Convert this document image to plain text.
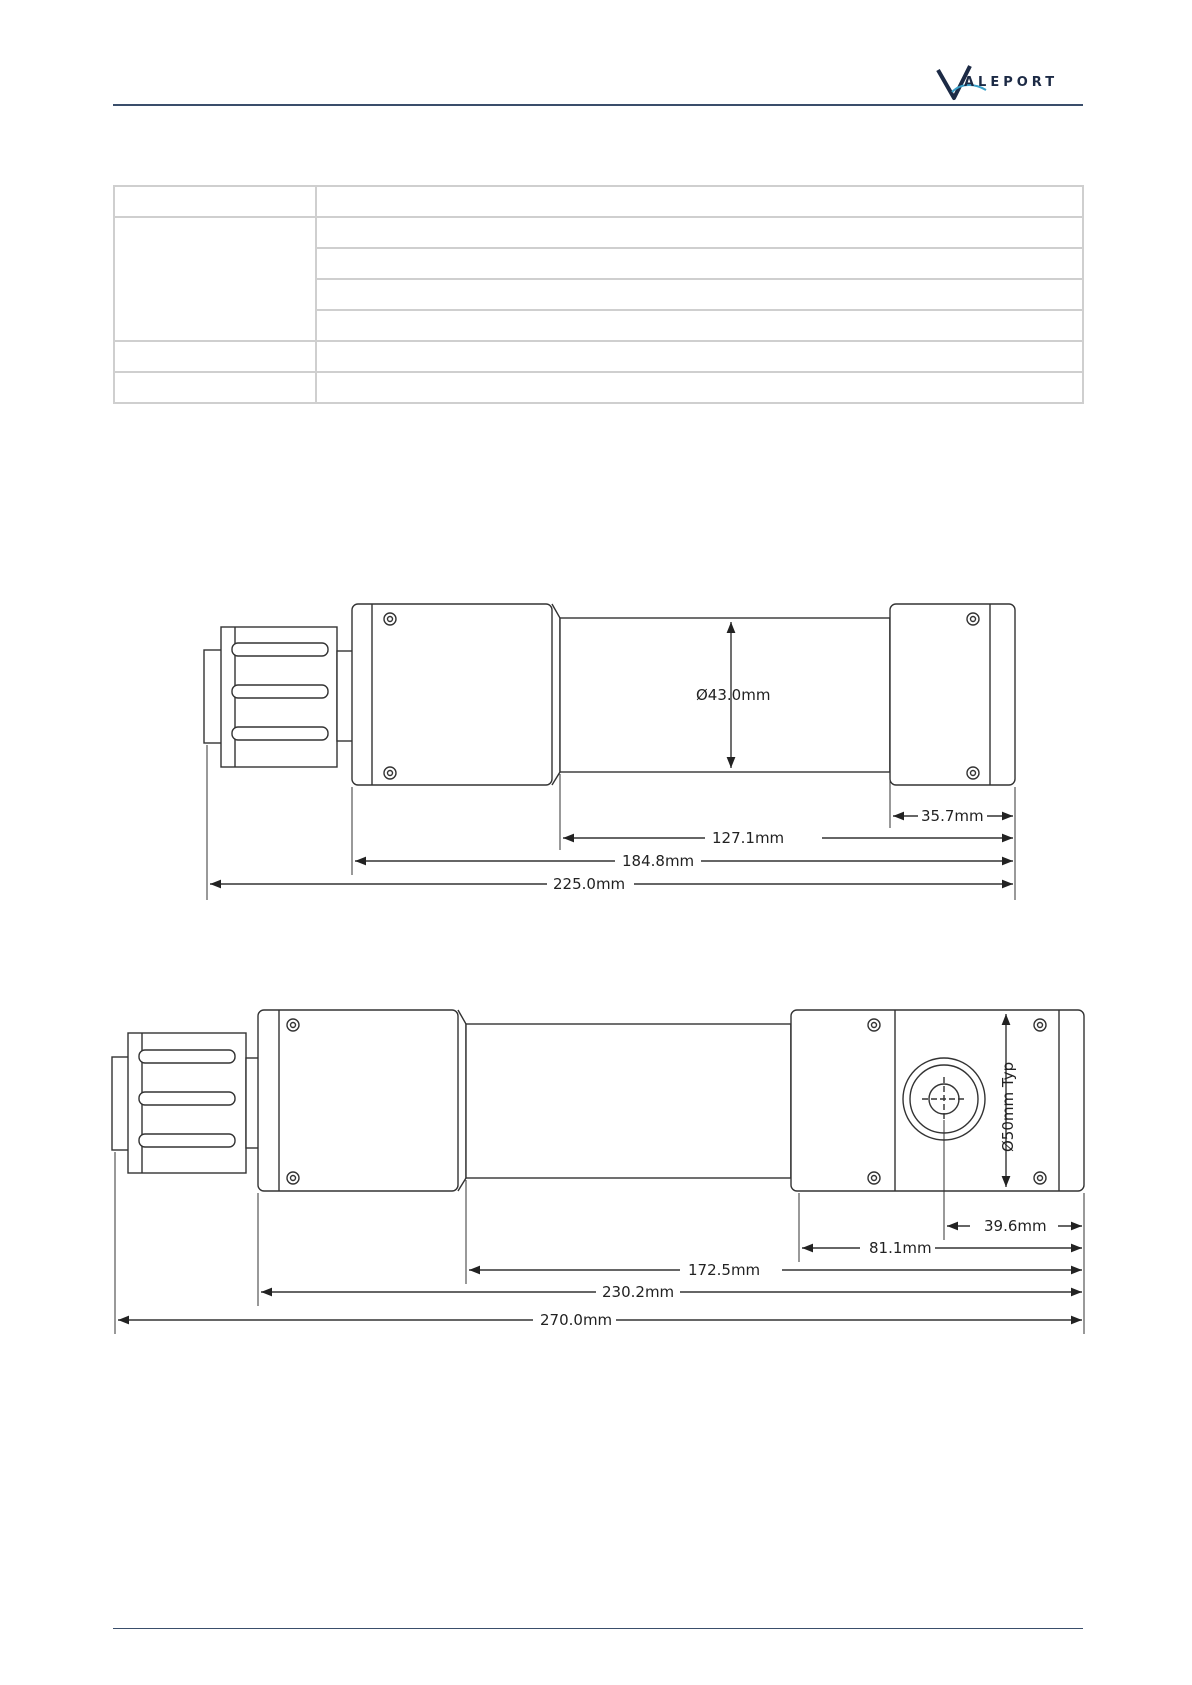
ALEPORT

Ø43.0mm
35.7mm
127.1mm
184.8mm
225.0mm
Ø50mm Typ
39.6mm
81.1mm
172.5mm
230.2mm
270.0mm
